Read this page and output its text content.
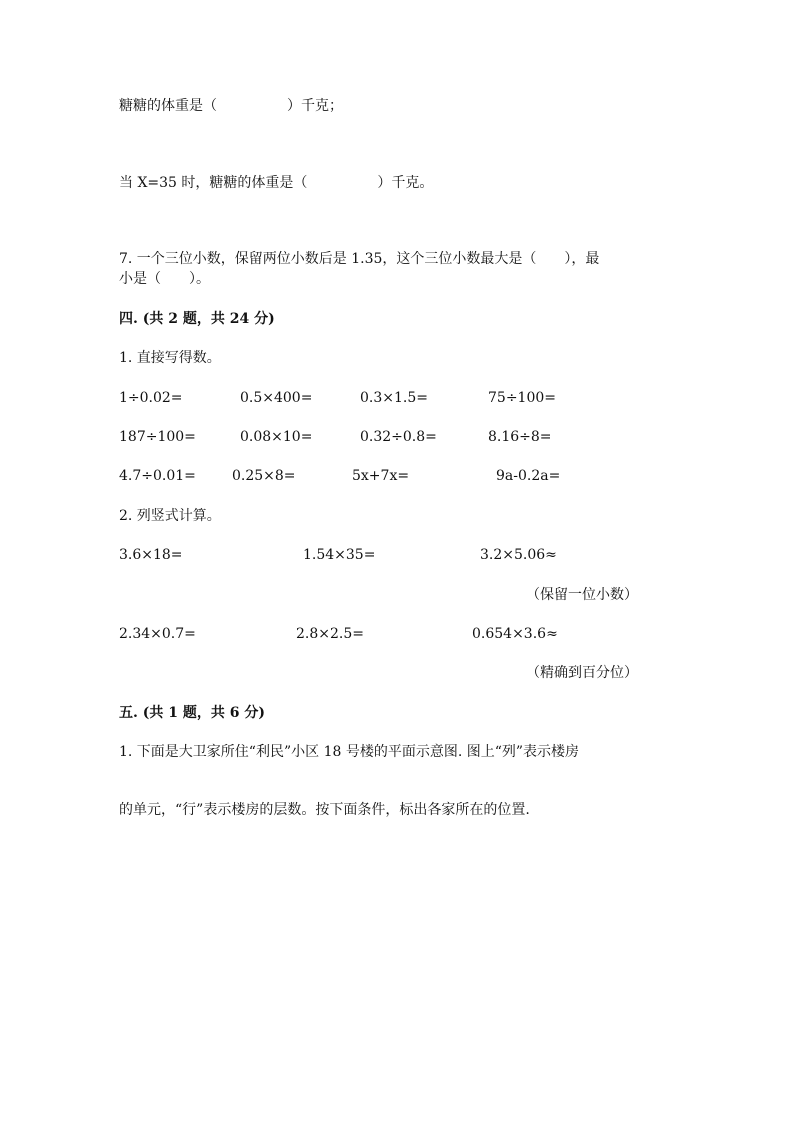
糖糖的体重是（　　　　　）千克；
当 X=35 时，糖糖的体重是（　　　　　）千克。
7. 一个三位小数，保留两位小数后是 1.35，这个三位小数最大是（　　），最
小是（　　）。
四. (共 2 题，共 24 分)
1. 直接写得数。
1÷0.02=	0.5×400=	0.3×1.5=	75÷100=
187÷100=	0.08×10=	0.32÷0.8=	8.16÷8=
4.7÷0.01=	0.25×8=	5x+7x=	9a-0.2a=
2. 列竖式计算。
3.6×18=	1.54×35=	3.2×5.06≈
（保留一位小数）
2.34×0.7=	2.8×2.5=	0.654×3.6≈
（精确到百分位）
五. (共 1 题，共 6 分)
1. 下面是大卫家所住“利民”小区 18 号楼的平面示意图. 图上“列”表示楼房
的单元，“行”表示楼房的层数。按下面条件，标出各家所在的位置.
